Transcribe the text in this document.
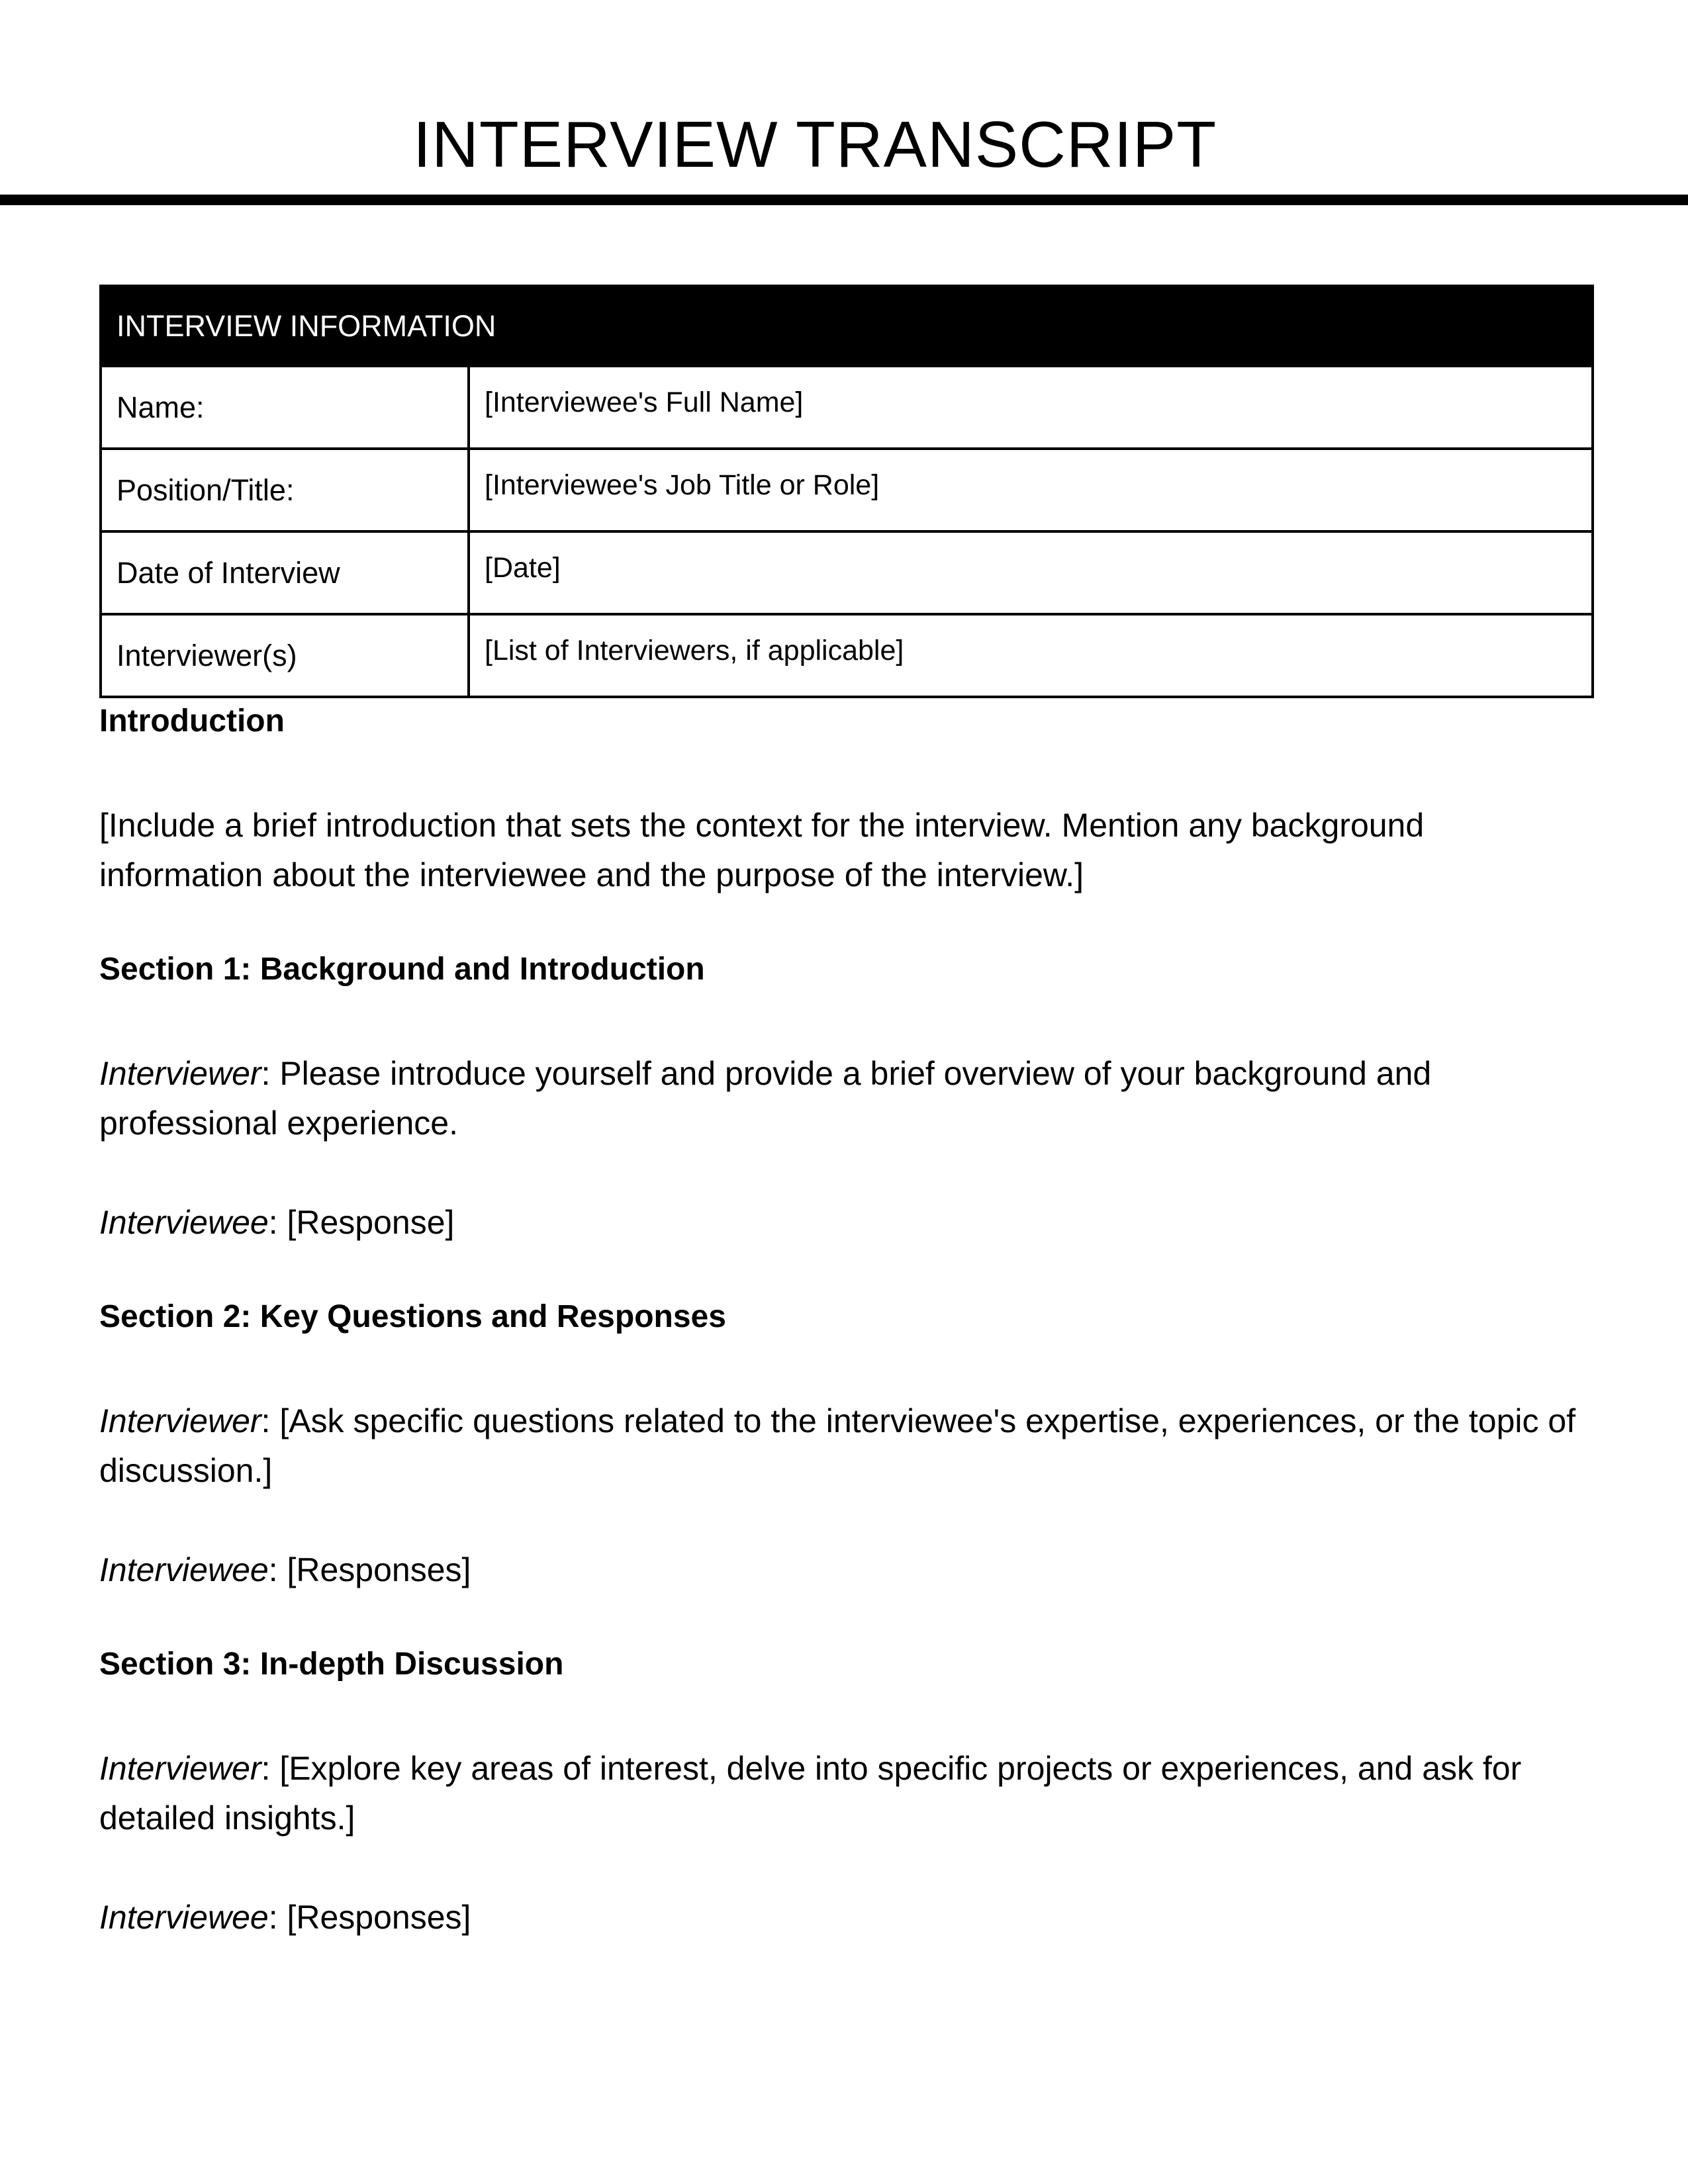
INTERVIEW TRANSCRIPT
INTERVIEW INFORMATION	
Name:	[Interviewee's Full Name]
Position/Title:	[Interviewee's Job Title or Role]
Date of Interview	[Date]
Interviewer(s)	[List of Interviewers, if applicable]
Introduction

[Include a brief introduction that sets the context for the interview. Mention any background information about the interviewee and the purpose of the interview.]

Section 1: Background and Introduction

Interviewer: Please introduce yourself and provide a brief overview of your background and professional experience.

Interviewee: [Response]

Section 2: Key Questions and Responses

Interviewer: [Ask specific questions related to the interviewee's expertise, experiences, or the topic of discussion.]

Interviewee: [Responses]

Section 3: In-depth Discussion

Interviewer: [Explore key areas of interest, delve into specific projects or experiences, and ask for detailed insights.]

Interviewee: [Responses]
